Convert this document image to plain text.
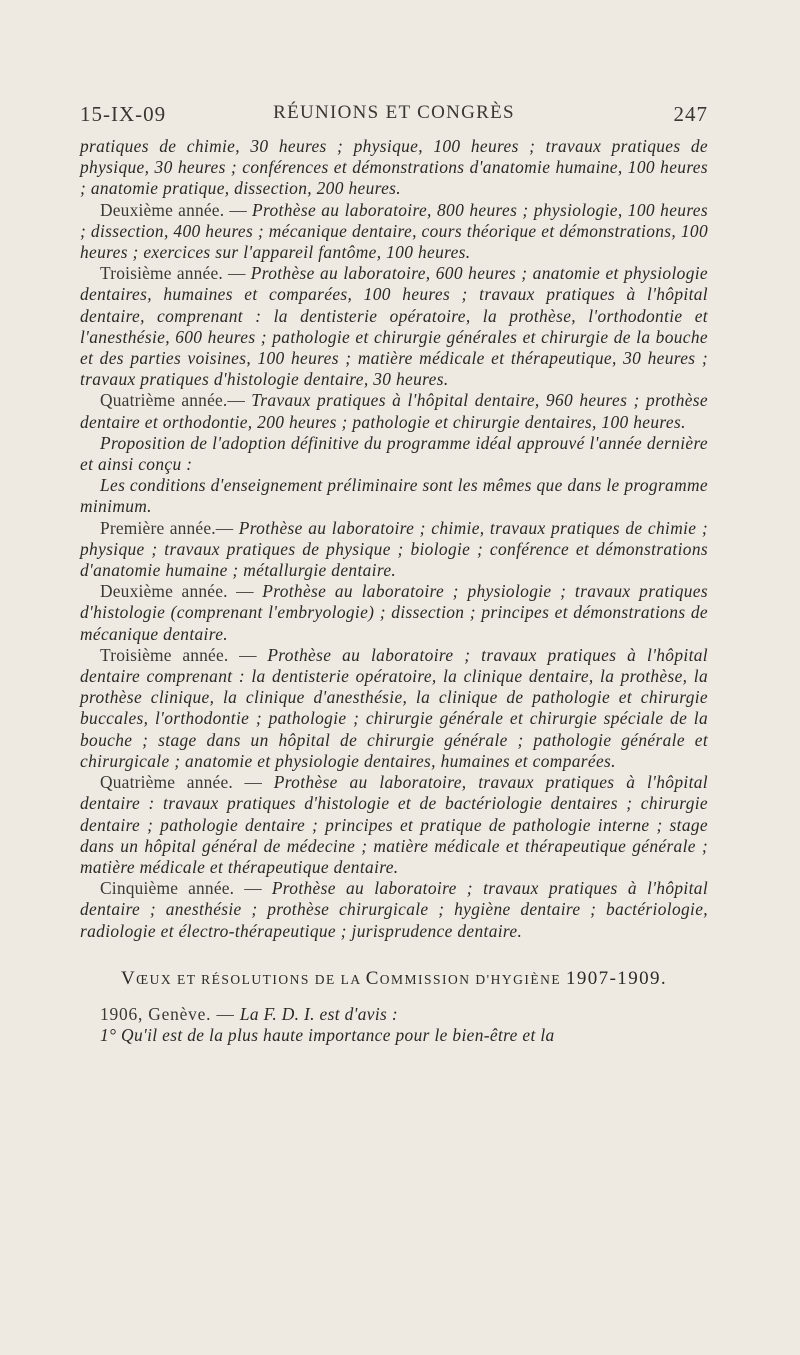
15-IX-09	RÉUNIONS ET CONGRÈS	247

pratiques de chimie, 30 heures ; physique, 100 heures ; travaux pratiques de physique, 30 heures ; conférences et démonstrations d'anatomie humaine, 100 heures ; anatomie pratique, dissection, 200 heures.

Deuxième année. — Prothèse au laboratoire, 800 heures ; physiologie, 100 heures ; dissection, 400 heures ; mécanique dentaire, cours théorique et démonstrations, 100 heures ; exercices sur l'appareil fantôme, 100 heures.

Troisième année. — Prothèse au laboratoire, 600 heures ; anatomie et physiologie dentaires, humaines et comparées, 100 heures ; travaux pratiques à l'hôpital dentaire, comprenant : la dentisterie opératoire, la prothèse, l'orthodontie et l'anesthésie, 600 heures ; pathologie et chirurgie générales et chirurgie de la bouche et des parties voisines, 100 heures ; matière médicale et thérapeutique, 30 heures ; travaux pratiques d'histologie dentaire, 30 heures.

Quatrième année.— Travaux pratiques à l'hôpital dentaire, 960 heures ; prothèse dentaire et orthodontie, 200 heures ; pathologie et chirurgie dentaires, 100 heures.

Proposition de l'adoption définitive du programme idéal approuvé l'année dernière et ainsi conçu :

Les conditions d'enseignement préliminaire sont les mêmes que dans le programme minimum.

Première année.— Prothèse au laboratoire ; chimie, travaux pratiques de chimie ; physique ; travaux pratiques de physique ; biologie ; conférence et démonstrations d'anatomie humaine ; métallurgie dentaire.

Deuxième année. — Prothèse au laboratoire ; physiologie ; travaux pratiques d'histologie (comprenant l'embryologie) ; dissection ; principes et démonstrations de mécanique dentaire.

Troisième année. — Prothèse au laboratoire ; travaux pratiques à l'hôpital dentaire comprenant : la dentisterie opératoire, la clinique dentaire, la prothèse, la prothèse clinique, la clinique d'anesthésie, la clinique de pathologie et chirurgie buccales, l'orthodontie ; pathologie ; chirurgie générale et chirurgie spéciale de la bouche ; stage dans un hôpital de chirurgie générale ; pathologie générale et chirurgicale ; anatomie et physiologie dentaires, humaines et comparées.

Quatrième année. — Prothèse au laboratoire, travaux pratiques à l'hôpital dentaire : travaux pratiques d'histologie et de bactériologie dentaires ; chirurgie dentaire ; pathologie dentaire ; principes et pratique de pathologie interne ; stage dans un hôpital général de médecine ; matière médicale et thérapeutique générale ; matière médicale et thérapeutique dentaire.

Cinquième année. — Prothèse au laboratoire ; travaux pratiques à l'hôpital dentaire ; anesthésie ; prothèse chirurgicale ; hygiène dentaire ; bactériologie, radiologie et électro-thérapeutique ; jurisprudence dentaire.

VŒUX ET RÉSOLUTIONS DE LA COMMISSION D'HYGIÈNE 1907-1909.

1906, Genève. — La F. D. I. est d'avis :

1° Qu'il est de la plus haute importance pour le bien-être et la
